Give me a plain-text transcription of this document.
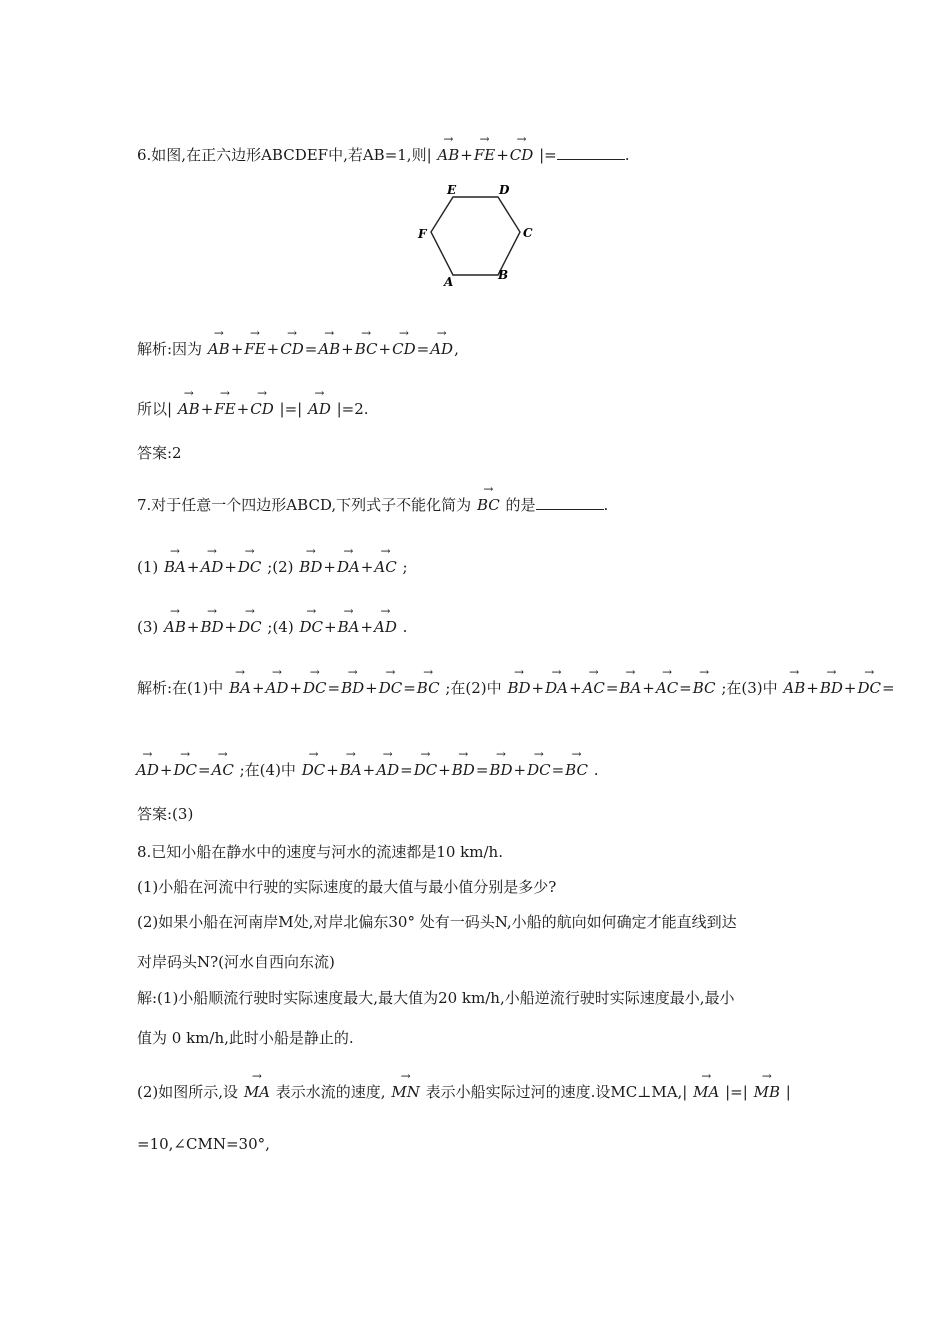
6.如图,在正六边形ABCDEF中,若AB=1,则|
→
AB +
→
FE +
→
CD |=	.
A	B
C
D
E
F
解析:因为
→
AB +
→
FE +
→
CD =
→
AB +
→
BC +
→
CD =
→
AD ,
所以|
→
AB +
→
FE +
→
CD |=|
→
AD |=2.
答案:2
7.对于任意一个四边形ABCD,下列式子不能化简为
→
BC 的是	.
(1)
→
BA +
→
AD +
→
DC ;(2)
→
BD +
→
DA +
→
AC ;
(3)
→
AB +
→
BD +
→
DC ;(4)
→
DC +
→
BA +
→
AD .
解析:在(1)中
→
BA +
→
AD +
→
DC =
→
BD +
→
DC =
→
BC ;在(2)中
→
BD +
→
DA +
→
AC =
→
BA +
→
AC =
→
BC ;在(3)中
→
AB +
→
BD +
→
DC =
→
AD +
→
DC =
→
AC ;在(4)中
→
DC +
→
BA +
→
AD =
→
DC +
→
BD =
→
BD +
→
DC =
→
BC .
答案:(3)
8.已知小船在静水中的速度与河水的流速都是10 km/h.
(1)小船在河流中行驶的实际速度的最大值与最小值分别是多少?
(2)如果小船在河南岸M处,对岸北偏东30° 处有一码头N,小船的航向如何确定才能直线到达
对岸码头N?(河水自西向东流)
解:(1)小船顺流行驶时实际速度最大,最大值为20 km/h,小船逆流行驶时实际速度最小,最小
值为 0 km/h,此时小船是静止的.
(2)如图所示,设
→
MA 表示水流的速度,
→
MN 表示小船实际过河的速度.设MC⊥MA,|
→
MA |=|
→
MB |
=10,∠CMN=30°,
